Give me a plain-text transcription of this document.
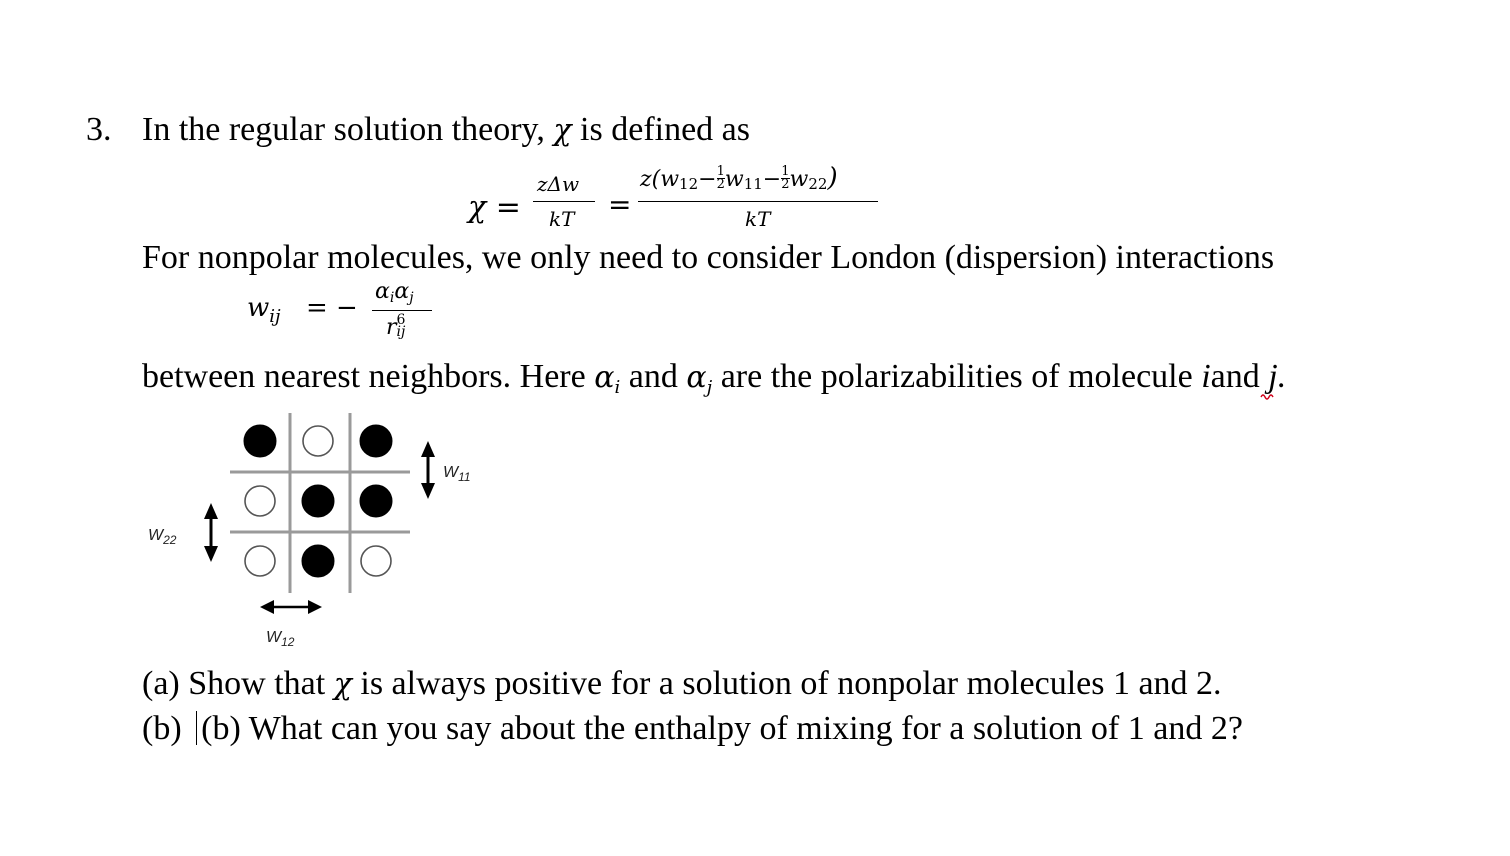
3. In the regular solution theory, χ is defined as
χ =
zΔw
kT =
$z(w12- \frac{1}{2} w11- \frac{1}{2} w22)$
kT
For nonpolar molecules, we only need to consider London (dispersion) interactions
$w_{ij}$ = −
αiαj
r 6
ij
between nearest neighbors. Here $\alpha_i$ and $\alpha_j$ are the polarizabilities of molecule iand j.
$W_{11}$
$W_{22}$
$W_{12}$
(a) Show that χ is always positive for a solution of nonpolar molecules 1 and 2.
(b) (b) What can you say about the enthalpy of mixing for a solution of 1 and 2?
